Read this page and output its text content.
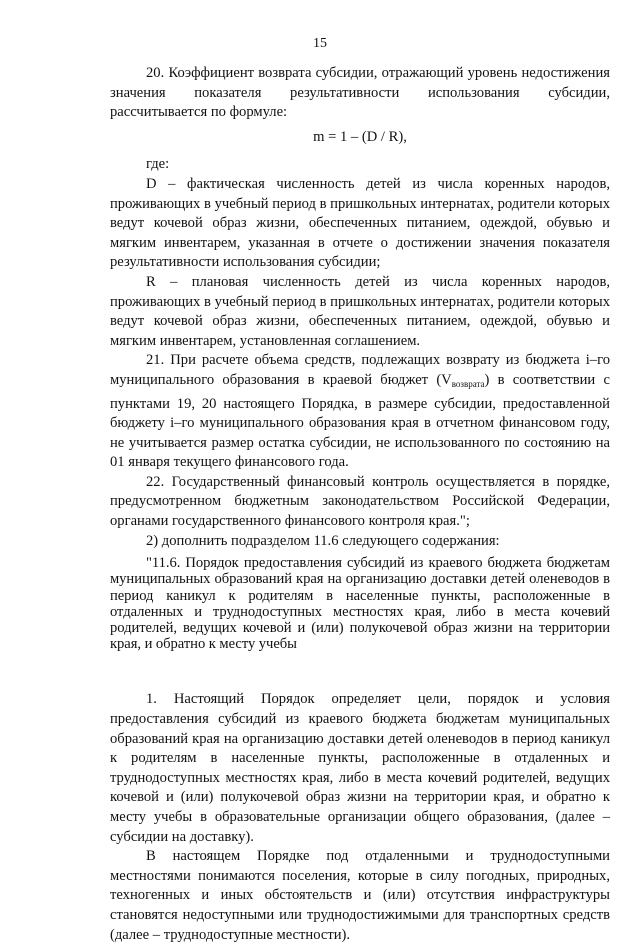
15

20. Коэффициент возврата субсидии, отражающий уровень недостижения значения показателя результативности использования субсидии, рассчитывается по формуле:

m = 1 – (D / R),

где:

D – фактическая численность детей из числа коренных народов, проживающих в учебный период в пришкольных интернатах, родители которых ведут кочевой образ жизни, обеспеченных питанием, одеждой, обувью и мягким инвентарем, указанная в отчете о достижении значения показателя результативности использования субсидии;

R – плановая численность детей из числа коренных народов, проживающих в учебный период в пришкольных интернатах, родители которых ведут кочевой образ жизни, обеспеченных питанием, одеждой, обувью и мягким инвентарем, установленная соглашением.

21. При расчете объема средств, подлежащих возврату из бюджета i–го муниципального образования в краевой бюджет $(V_{возврата})$ в соответствии с пунктами 19, 20 настоящего Порядка, в размере субсидии, предоставленной бюджету i–го муниципального образования края в отчетном финансовом году, не учитывается размер остатка субсидии, не использованного по состоянию на 01 января текущего финансового года.

22. Государственный финансовый контроль осуществляется в порядке, предусмотренном бюджетным законодательством Российской Федерации, органами государственного финансового контроля края.";

2) дополнить подразделом 11.6 следующего содержания:

"11.6. Порядок предоставления субсидий из краевого бюджета бюджетам муниципальных образований края на организацию доставки детей оленеводов в период каникул к родителям в населенные пункты, расположенные в отдаленных и труднодоступных местностях края, либо в места кочевий родителей, ведущих кочевой и (или) полукочевой образ жизни на территории края, и обратно к месту учебы

1. Настоящий Порядок определяет цели, порядок и условия предоставления субсидий из краевого бюджета бюджетам муниципальных образований края на организацию доставки детей оленеводов в период каникул к родителям в населенные пункты, расположенные в отдаленных и труднодоступных местностях края, либо в места кочевий родителей, ведущих кочевой и (или) полукочевой образ жизни на территории края, и обратно к месту учебы в образовательные организации общего образования, (далее – субсидии на доставку).

В настоящем Порядке под отдаленными и труднодоступными местностями понимаются поселения, которые в силу погодных, природных, техногенных и иных обстоятельств и (или) отсутствия инфраструктуры становятся недоступными или труднодостижимыми для транспортных средств (далее – труднодоступные местности).
